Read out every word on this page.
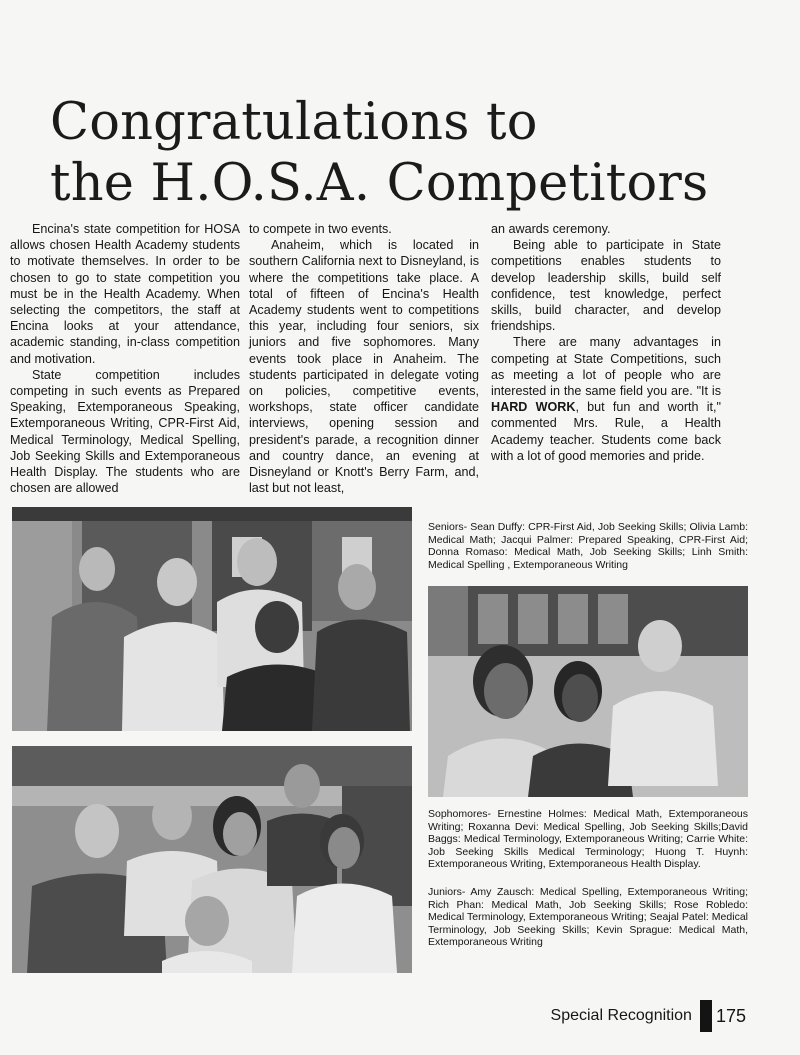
Congratulations to
the H.O.S.A. Competitors

Encina's state competition for HOSA allows chosen Health Academy students to motivate themselves. In order to be chosen to go to state competition you must be in the Health Academy. When selecting the competitors, the staff at Encina looks at your attendance, academic standing, in-class competition and motivation.

State competition includes competing in such events as Prepared Speaking, Extemporaneous Speaking, Extemporaneous Writing, CPR-First Aid, Medical Terminology, Medical Spelling, Job Seeking Skills and Extemporaneous Health Display. The students who are chosen are allowed

to compete in two events.

Anaheim, which is located in southern California next to Disneyland, is where the competitions take place. A total of fifteen of Encina's Health Academy students went to competitions this year, including four seniors, six juniors and five sophomores. Many events took place in Anaheim. The students participated in delegate voting on policies, competitive events, workshops, state officer candidate interviews, opening session and president's parade, a recognition dinner and country dance, an evening at Disneyland or Knott's Berry Farm, and, last but not least,

an awards ceremony.

Being able to participate in State competitions enables students to develop leadership skills, build self confidence, test knowledge, perfect skills, build character, and develop friendships.

There are many advantages in competing at State Competitions, such as meeting a lot of people who are interested in the same field you are. "It is HARD WORK, but fun and worth it," commented Mrs. Rule, a Health Academy teacher. Students come back with a lot of good memories and pride.

Seniors- Sean Duffy: CPR-First Aid, Job Seeking Skills; Olivia Lamb: Medical Math; Jacqui Palmer: Prepared Speaking, CPR-First Aid; Donna Romaso: Medical Math, Job Seeking Skills; Linh Smith: Medical Spelling , Extemporaneous Writing
Sophomores- Ernestine Holmes: Medical Math, Extemporaneous Writing; Roxanna Devi: Medical Spelling, Job Seeking Skills;David Baggs: Medical Terminology, Extemporaneous Writing; Carrie White: Job Seeking Skills Medical Terminology; Huong T. Huynh: Extemporaneous Writing, Extemporaneous Health Display.
Juniors- Amy Zausch: Medical Spelling, Extemporaneous Writing; Rich Phan: Medical Math, Job Seeking Skills; Rose Robledo: Medical Terminology, Extemporaneous Writing; Seajal Patel: Medical Terminology, Job Seeking Skills; Kevin Sprague: Medical Math, Extemporaneous Writing
Special Recognition 175
